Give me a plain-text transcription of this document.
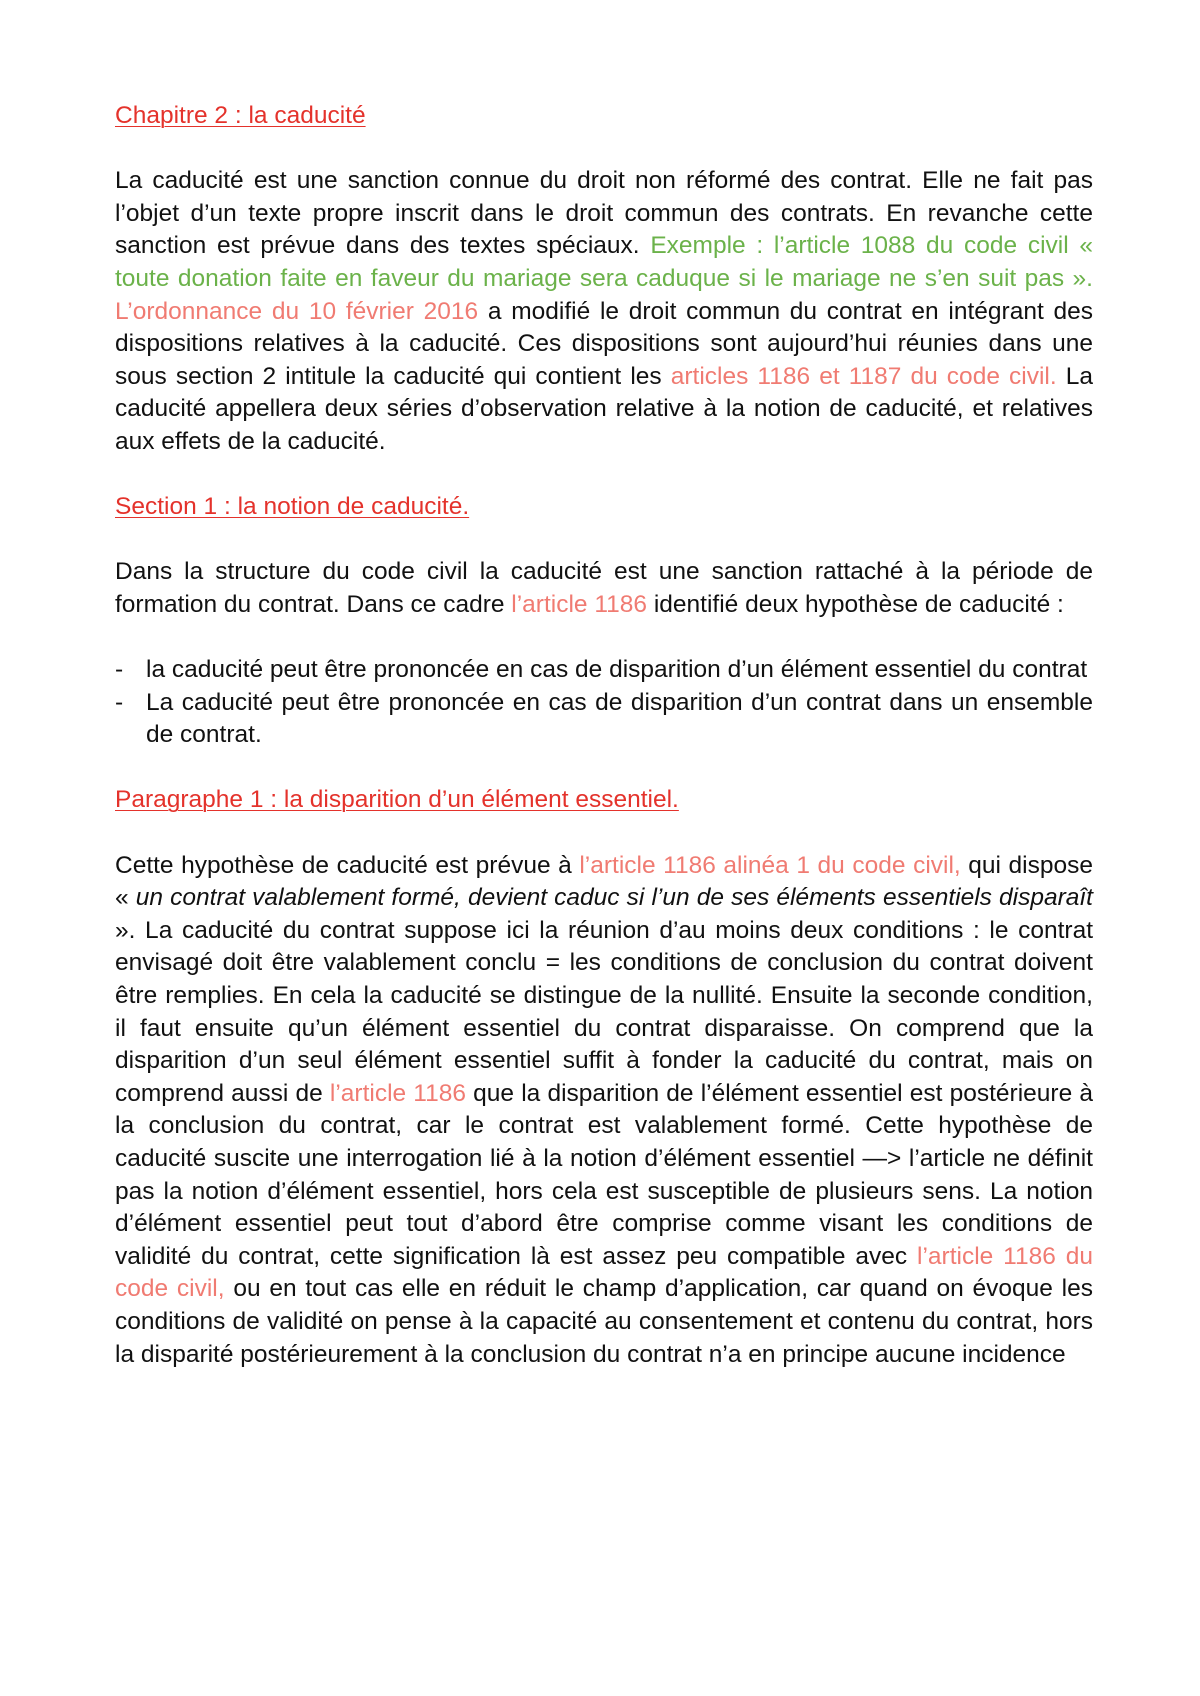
Chapitre 2 : la caducité

La caducité est une sanction connue du droit non réformé des contrat. Elle ne fait pas l’objet d’un texte propre inscrit dans le droit commun des contrats. En revanche cette sanction est prévue dans des textes spéciaux. Exemple : l’article 1088 du code civil « toute donation faite en faveur du mariage sera caduque si le mariage ne s’en suit pas ». L’ordonnance du 10 février 2016 a modifié le droit commun du contrat en intégrant des dispositions relatives à la caducité. Ces dispositions sont aujourd’hui réunies dans une sous section 2 intitule la caducité qui contient les articles 1186 et 1187 du code civil. La caducité appellera deux séries d’observation relative à la notion de caducité, et relatives aux effets de la caducité.

Section 1 : la notion de caducité.

Dans la structure du code civil la caducité est une sanction rattaché à la période de formation du contrat. Dans ce cadre l’article 1186 identifié deux hypothèse de caducité :

- la caducité peut être prononcée en cas de disparition d’un élément essentiel du contrat
- La caducité peut être prononcée en cas de disparition d’un contrat dans un ensemble de contrat.
Paragraphe 1 : la disparition d’un élément essentiel.

Cette hypothèse de caducité est prévue à l’article 1186 alinéa 1 du code civil, qui dispose « un contrat valablement formé, devient caduc si l’un de ses éléments essentiels disparaît ». La caducité du contrat suppose ici la réunion d’au moins deux conditions : le contrat envisagé doit être valablement conclu = les conditions de conclusion du contrat doivent être remplies. En cela la caducité se distingue de la nullité. Ensuite la seconde condition, il faut ensuite qu’un élément essentiel du contrat disparaisse. On comprend que la disparition d’un seul élément essentiel suffit à fonder la caducité du contrat, mais on comprend aussi de l’article 1186 que la disparition de l’élément essentiel est postérieure à la conclusion du contrat, car le contrat est valablement formé. Cette hypothèse de caducité suscite une interrogation lié à la notion d’élément essentiel —> l’article ne définit pas la notion d’élément essentiel, hors cela est susceptible de plusieurs sens. La notion d’élément essentiel peut tout d’abord être comprise comme visant les conditions de validité du contrat, cette signification là est assez peu compatible avec l’article 1186 du code civil, ou en tout cas elle en réduit le champ d’application, car quand on évoque les conditions de validité on pense à la capacité au consentement et contenu du contrat, hors la disparité postérieurement à la conclusion du contrat n’a en principe aucune incidence
